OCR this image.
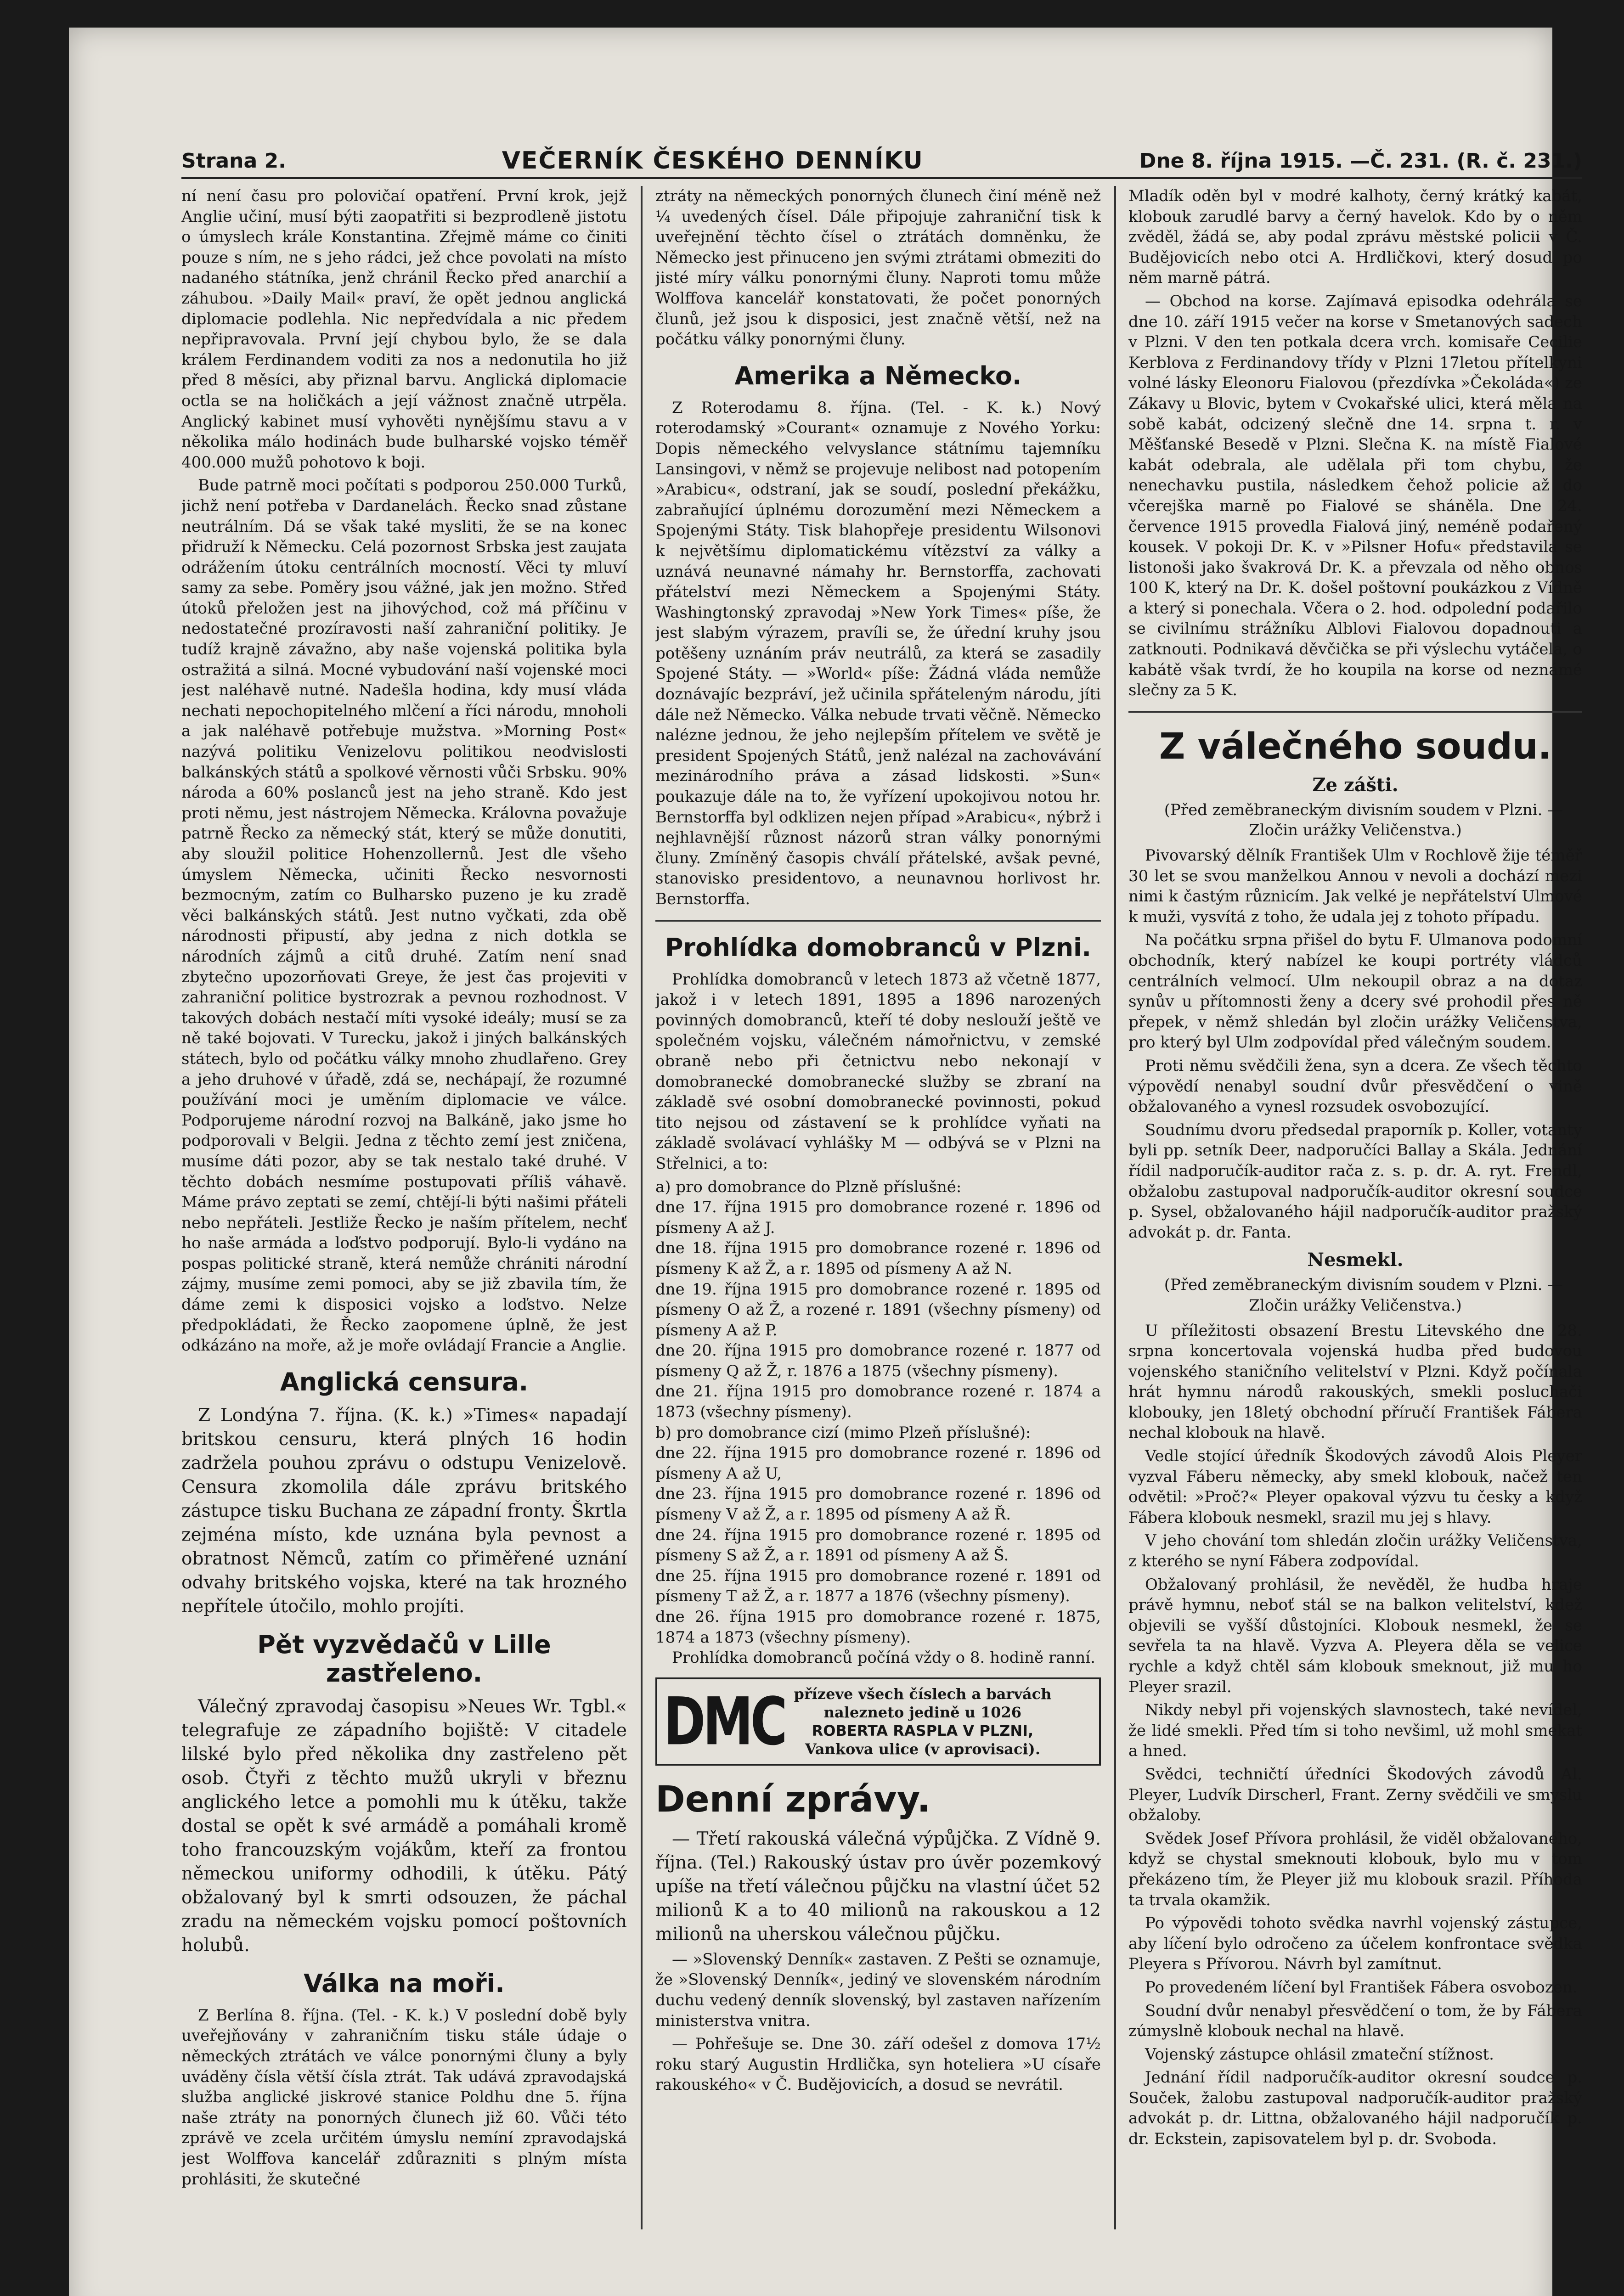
Strana 2.	VEČERNÍK ČESKÉHO DENNÍKU	Dne 8. října 1915. —Č. 231. (R. č. 231.)

ní není času pro polovičaí opatření. První krok, jejž Anglie učiní, musí býti zaopatřiti si bezprodleně jistotu o úmyslech krále Konstantina. Zřejmě máme co činiti pouze s ním, ne s jeho rádci, jež chce povolati na místo nadaného státníka, jenž chránil Řecko před anarchií a záhubou. »Daily Mail« praví, že opět jednou anglická diplomacie podlehla. Nic nepředvídala a nic předem nepřipravovala. První její chybou bylo, že se dala králem Ferdinandem voditi za nos a nedonutila ho již před 8 měsíci, aby přiznal barvu. Anglická diplomacie octla se na holičkách a její vážnost značně utrpěla. Anglický kabinet musí vyhověti nynějšímu stavu a v několika málo hodinách bude bulharské vojsko téměř 400.000 mužů pohotovo k boji.

Bude patrně moci počítati s podporou 250.000 Turků, jichž není potřeba v Dardanelách. Řecko snad zůstane neutrálním. Dá se však také mysliti, že se na konec přidruží k Německu. Celá pozornost Srbska jest zaujata odrážením útoku centrálních mocností. Věci ty mluví samy za sebe. Poměry jsou vážné, jak jen možno. Střed útoků přeložen jest na jihovýchod, což má příčinu v nedostatečné prozíravosti naší zahraniční politiky. Je tudíž krajně závažno, aby naše vojenská politika byla ostražitá a silná. Mocné vybudování naší vojenské moci jest naléhavě nutné. Nadešla hodina, kdy musí vláda nechati nepochopitelného mlčení a říci národu, mnoholi a jak naléhavě potřebuje mužstva. »Morning Post« nazývá politiku Venizelovu politikou neodvislosti balkánských států a spolkové věrnosti vůči Srbsku. 90% národa a 60% poslanců jest na jeho straně. Kdo jest proti němu, jest nástrojem Německa. Královna považuje patrně Řecko za německý stát, který se může donutiti, aby sloužil politice Hohenzollernů. Jest dle všeho úmyslem Německa, učiniti Řecko nesvornosti bezmocným, zatím co Bulharsko puzeno je ku zradě věci balkánských států. Jest nutno vyčkati, zda obě národnosti připustí, aby jedna z nich dotkla se národních zájmů a citů druhé. Zatím není snad zbytečno upozorňovati Greye, že jest čas projeviti v zahraniční politice bystrozrak a pevnou rozhodnost. V takových dobách nestačí míti vysoké ideály; musí se za ně také bojovati. V Turecku, jakož i jiných balkánských státech, bylo od počátku války mnoho zhudlařeno. Grey a jeho druhové v úřadě, zdá se, nechápají, že rozumné používání moci je uměním diplomacie ve válce. Podporujeme národní rozvoj na Balkáně, jako jsme ho podporovali v Belgii. Jedna z těchto zemí jest zničena, musíme dáti pozor, aby se tak nestalo také druhé. V těchto dobách nesmíme postupovati příliš váhavě. Máme právo zeptati se zemí, chtějí-li býti našimi přáteli nebo nepřáteli. Jestliže Řecko je naším přítelem, nechť ho naše armáda a loďstvo podporují. Bylo-li vydáno na pospas politické straně, která nemůže chrániti národní zájmy, musíme zemi pomoci, aby se již zbavila tím, že dáme zemi k disposici vojsko a loďstvo. Nelze předpokládati, že Řecko zaopomene úplně, že jest odkázáno na moře, až je moře ovládají Francie a Anglie.

Anglická censura.

Z Londýna 7. října. (K. k.) »Times« napadají britskou censuru, která plných 16 hodin zadržela pouhou zprávu o odstupu Venizelově. Censura zkomolila dále zprávu britského zástupce tisku Buchana ze západní fronty. Škrtla zejména místo, kde uznána byla pevnost a obratnost Němců, zatím co přiměřené uznání odvahy britského vojska, které na tak hrozného nepřítele útočilo, mohlo projíti.

Pět vyzvědačů v Lille zastřeleno.

Válečný zpravodaj časopisu »Neues Wr. Tgbl.« telegrafuje ze západního bojiště: V citadele lilské bylo před několika dny zastřeleno pět osob. Čtyři z těchto mužů ukryli v březnu anglického letce a pomohli mu k útěku, takže dostal se opět k své armádě a pomáhali kromě toho francouzským vojákům, kteří za frontou německou uniformy odhodili, k útěku. Pátý obžalovaný byl k smrti odsouzen, že páchal zradu na německém vojsku pomocí poštovních holubů.

Válka na moři.

Z Berlína 8. října. (Tel. - K. k.) V poslední době byly uveřejňovány v zahraničním tisku stále údaje o německých ztrátách ve válce ponornými čluny a byly uváděny čísla větší čísla ztrát. Tak udává zpravodajská služba anglické jiskrové stanice Poldhu dne 5. října naše ztráty na ponorných člunech již 60. Vůči této zprávě ve zcela určitém úmyslu nemíní zpravodajská jest Wolffova kancelář zdůrazniti s plným místa prohlásiti, že skutečné

ztráty na německých ponorných člunech činí méně než ¼ uvedených čísel. Dále připojuje zahraniční tisk k uveřejnění těchto čísel o ztrátách domněnku, že Německo jest přinuceno jen svými ztrátami obmeziti do jisté míry válku ponornými čluny. Naproti tomu může Wolffova kancelář konstatovati, že počet ponorných člunů, jež jsou k disposici, jest značně větší, než na počátku války ponornými čluny.

Amerika a Německo.

Z Roterodamu 8. října. (Tel. - K. k.) Nový roterodamský »Courant« oznamuje z Nového Yorku: Dopis německého velvyslance státnímu tajemníku Lansingovi, v němž se projevuje nelibost nad potopením »Arabicu«, odstraní, jak se soudí, poslední překážku, zabraňující úplnému dorozumění mezi Německem a Spojenými Státy. Tisk blahopřeje presidentu Wilsonovi k největšímu diplomatickému vítězství za války a uznává neunavné námahy hr. Bernstorffa, zachovati přátelství mezi Německem a Spojenými Státy. Washingtonský zpravodaj »New York Times« píše, že jest slabým výrazem, pravíli se, že úřední kruhy jsou potěšeny uznáním práv neutrálů, za která se zasadily Spojené Státy. — »World« píše: Žádná vláda nemůže doznávajíc bezpráví, jež učinila spřáteleným národu, jíti dále než Německo. Válka nebude trvati věčně. Německo nalézne jednou, že jeho nejlepším přítelem ve světě je president Spojených Států, jenž nalézal na zachovávání mezinárodního práva a zásad lidskosti. »Sun« poukazuje dále na to, že vyřízení upokojivou notou hr. Bernstorffa byl odklizen nejen případ »Arabicu«, nýbrž i nejhlavnější různost názorů stran války ponornými čluny. Zmíněný časopis chválí přátelské, avšak pevné, stanovisko presidentovo, a neunavnou horlivost hr. Bernstorffa.

Prohlídka domobranců v Plzni.

Prohlídka domobranců v letech 1873 až včetně 1877, jakož i v letech 1891, 1895 a 1896 narozených povinných domobranců, kteří té doby neslouží ještě ve společném vojsku, válečném námořnictvu, v zemské obraně nebo při četnictvu nebo nekonají v domobranecké domobranecké služby se zbraní na základě své osobní domobranecké povinnosti, pokud tito nejsou od zástavení se k prohlídce vyňati na základě svolávací vyhlášky M — odbývá se v Plzni na Střelnici, a to:

a) pro domobrance do Plzně příslušné:

dne 17. října 1915 pro domobrance rozené r. 1896 od písmeny A až J.

dne 18. října 1915 pro domobrance rozené r. 1896 od písmeny K až Ž, a r. 1895 od písmeny A až N.

dne 19. října 1915 pro domobrance rozené r. 1895 od písmeny O až Ž, a rozené r. 1891 (všechny písmeny) od písmeny A až P.

dne 20. října 1915 pro domobrance rozené r. 1877 od písmeny Q až Ž, r. 1876 a 1875 (všechny písmeny).

dne 21. října 1915 pro domobrance rozené r. 1874 a 1873 (všechny písmeny).

b) pro domobrance cizí (mimo Plzeň příslušné):

dne 22. října 1915 pro domobrance rozené r. 1896 od písmeny A až U,

dne 23. října 1915 pro domobrance rozené r. 1896 od písmeny V až Ž, a r. 1895 od písmeny A až Ř.

dne 24. října 1915 pro domobrance rozené r. 1895 od písmeny S až Ž, a r. 1891 od písmeny A až Š.

dne 25. října 1915 pro domobrance rozené r. 1891 od písmeny T až Ž, a r. 1877 a 1876 (všechny písmeny).

dne 26. října 1915 pro domobrance rozené r. 1875, 1874 a 1873 (všechny písmeny).

Prohlídka domobranců počíná vždy o 8. hodině ranní.

DMC přízeve všech číslech a barvách
nalezneto jedině u 1026
ROBERTA RASPLA V PLZNI,
Vankova ulice (v aprovisaci).
Denní zprávy.

— Třetí rakouská válečná výpůjčka. Z Vídně 9. října. (Tel.) Rakouský ústav pro úvěr pozemkový upíše na třetí válečnou půjčku na vlastní účet 52 milionů K a to 40 milionů na rakouskou a 12 milionů na uherskou válečnou půjčku.

— »Slovenský Denník« zastaven. Z Pešti se oznamuje, že »Slovenský Denník«, jediný ve slovenském národním duchu vedený denník slovenský, byl zastaven nařízením ministerstva vnitra.

— Pohřešuje se. Dne 30. září odešel z domova 17½ roku starý Augustin Hrdlička, syn hoteliera »U císaře rakouského« v Č. Budějovicích, a dosud se nevrátil.

Mladík oděn byl v modré kalhoty, černý krátký kabát, klobouk zarudlé barvy a černý havelok. Kdo by o něm zvěděl, žádá se, aby podal zprávu městské policii v Č. Budějovicích nebo otci A. Hrdličkovi, který dosud po něm marně pátrá.

— Obchod na korse. Zajímavá episodka odehrála se dne 10. září 1915 večer na korse v Smetanových sadech v Plzni. V den ten potkala dcera vrch. komisaře Cecilie Kerblova z Ferdinandovy třídy v Plzni 17letou přítelkyni volné lásky Eleonoru Fialovou (přezdívka »Čekoláda«) ze Zákavy u Blovic, bytem v Cvokařské ulici, která měla na sobě kabát, odcizený slečně dne 14. srpna t. r. v Měšťanské Besedě v Plzni. Slečna K. na místě Fialové kabát odebrala, ale udělala při tom chybu, že nenechavku pustila, následkem čehož policie až do včerejška marně po Fialové se sháněla. Dne 24. července 1915 provedla Fialová jiný, neméně podařený kousek. V pokoji Dr. K. v »Pilsner Hofu« představila se listonoši jako švakrová Dr. K. a převzala od něho obnos 100 K, který na Dr. K. došel poštovní poukázkou z Vídně a který si ponechala. Včera o 2. hod. odpolední podařilo se civilnímu strážníku Alblovi Fialovou dopadnouti a zatknouti. Podnikavá děvčička se při výslechu vytáčela, o kabátě však tvrdí, že ho koupila na korse od neznámé slečny za 5 K.

Z válečného soudu.
Ze zášti.

(Před zeměbraneckým divisním soudem v Plzni. — Zločin urážky Veličenstva.)

Pivovarský dělník František Ulm v Rochlově žije téměř 30 let se svou manželkou Annou v nevoli a dochází mezi nimi k častým různicím. Jak velké je nepřátelství Ulmové k muži, vysvítá z toho, že udala jej z tohoto případu.

Na počátku srpna přišel do bytu F. Ulmanova podomní obchodník, který nabízel ke koupi portréty vládců centrálních velmocí. Ulm nekoupil obraz a na dotaz synův u přítomnosti ženy a dcery své prohodil přes ně přepek, v němž shledán byl zločin urážky Veličenstva, pro který byl Ulm zodpovídal před válečným soudem.

Proti němu svědčili žena, syn a dcera. Ze všech těchto výpovědí nenabyl soudní dvůr přesvědčení o vině obžalovaného a vynesl rozsudek osvobozující.

Soudnímu dvoru předsedal praporník p. Koller, votanty byli pp. setník Deer, nadporučíci Ballay a Skála. Jednání řídil nadporučík-auditor rača z. s. p. dr. A. ryt. Frendl, obžalobu zastupoval nadporučík-auditor okresní soudce p. Sysel, obžalovaného hájil nadporučík-auditor pražský advokát p. dr. Fanta.

Nesmekl.

(Před zeměbraneckým divisním soudem v Plzni. — Zločin urážky Veličenstva.)

U příležitosti obsazení Brestu Litevského dne 28. srpna koncertovala vojenská hudba před budovou vojenského staničního velitelství v Plzni. Když počínala hrát hymnu národů rakouských, smekli posluchači klobouky, jen 18letý obchodní příručí František Fábera nechal klobouk na hlavě.

Vedle stojící úředník Škodových závodů Alois Pleyer vyzval Fáberu německy, aby smekl klobouk, načež ten odvětil: »Proč?« Pleyer opakoval výzvu tu česky a když Fábera klobouk nesmekl, srazil mu jej s hlavy.

V jeho chování tom shledán zločin urážky Veličenstva, z kterého se nyní Fábera zodpovídal.

Obžalovaný prohlásil, že nevěděl, že hudba hraje právě hymnu, neboť stál se na balkon velitelství, kdež objevili se vyšší důstojníci. Klobouk nesmekl, že se sevřela ta na hlavě. Vyzva A. Pleyera děla se velice rychle a když chtěl sám klobouk smeknout, již mu ho Pleyer srazil.

Nikdy nebyl při vojenských slavnostech, také nevídel, že lidé smekli. Před tím si toho nevšiml, už mohl smekat a hned.

Svědci, techničtí úředníci Škodových závodů Al. Pleyer, Ludvík Dirscherl, Frant. Zerny svědčili ve smyslu obžaloby.

Svědek Josef Přívora prohlásil, že viděl obžalovaného, když se chystal smeknouti klobouk, bylo mu v tom překázeno tím, že Pleyer již mu klobouk srazil. Příhoda ta trvala okamžik.

Po výpovědi tohoto svědka navrhl vojenský zástupce, aby líčení bylo odročeno za účelem konfrontace svědka Pleyera s Přívorou. Návrh byl zamítnut.

Po provedeném líčení byl František Fábera osvobozen.

Soudní dvůr nenabyl přesvědčení o tom, že by Fábera zúmyslně klobouk nechal na hlavě.

Vojenský zástupce ohlásil zmateční stížnost.

Jednání řídil nadporučík-auditor okresní soudce p. Souček, žalobu zastupoval nadporučík-auditor pražský advokát p. dr. Littna, obžalovaného hájil nadporučík p. dr. Eckstein, zapisovatelem byl p. dr. Svoboda.
